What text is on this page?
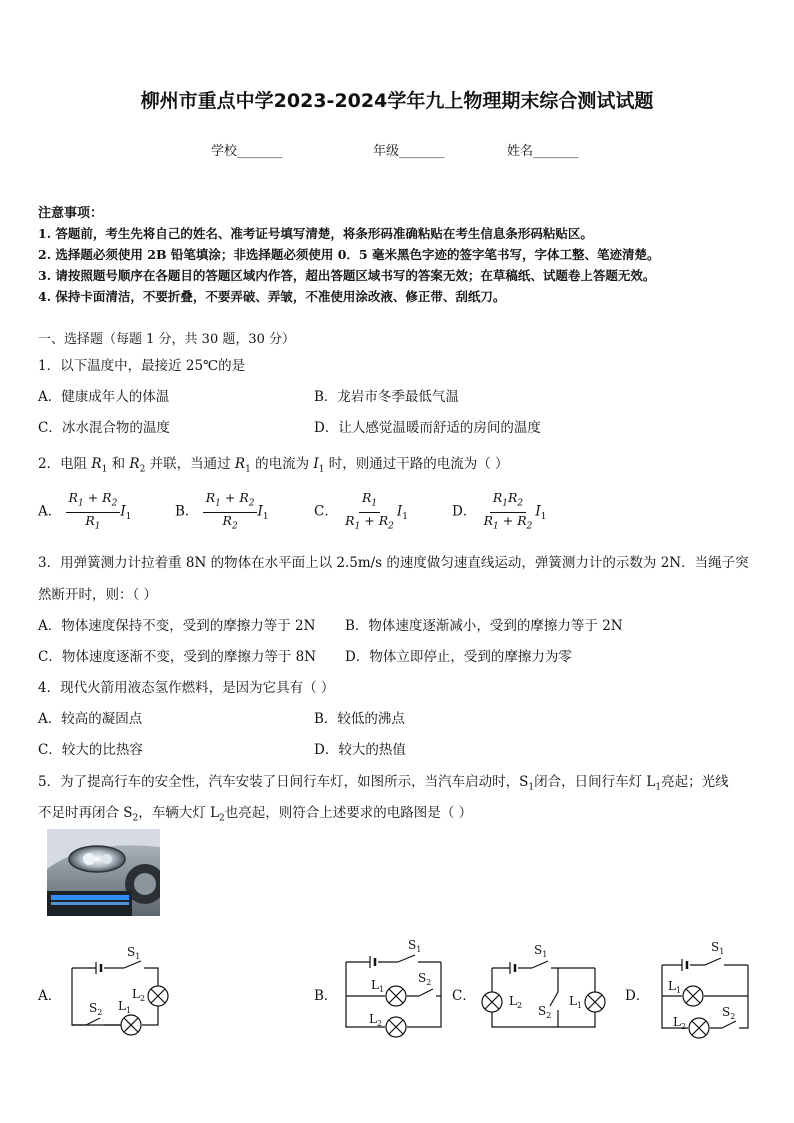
柳州市重点中学2023-2024学年九上物理期末综合测试试题
学校_______	年级_______	姓名_______
注意事项：
1. 答题前，考生先将自己的姓名、准考证号填写清楚，将条形码准确粘贴在考生信息条形码粘贴区。
2. 选择题必须使用 2B 铅笔填涂；非选择题必须使用 0．5 毫米黑色字迹的签字笔书写，字体工整、笔迹清楚。
3. 请按照题号顺序在各题目的答题区域内作答，超出答题区域书写的答案无效；在草稿纸、试题卷上答题无效。
4. 保持卡面清洁，不要折叠，不要弄破、弄皱，不准使用涂改液、修正带、刮纸刀。
一、选择题（每题 1 分，共 30 题，30 分）
1．以下温度中，最接近 25℃的是
A．健康成年人的体温	B．龙岩市冬季最低气温
C．冰水混合物的温度	D．让人感觉温暖而舒适的房间的温度
2．电阻 $R_1$ 和 $R_2$ 并联，当通过 $R_1$ 的电流为 $I_1$ 时，则通过干路的电流为（ ）
A． $\frac{R_1 + R_2}{R_1} I_1$	B． $\frac{R_1 + R_2}{R_2} I_1$	C． $\frac{R_1}{R_1 + R_2} I_1$	D． $\frac{R_1R_2}{R_1 + R_2} I_1$
3．用弹簧测力计拉着重 8N 的物体在水平面上以 2.5m/s 的速度做匀速直线运动，弹簧测力计的示数为 2N．当绳子突
然断开时，则：（ ）
A．物体速度保持不变，受到的摩擦力等于 2N B．物体速度逐渐减小，受到的摩擦力等于 2N
C．物体速度逐渐不变，受到的摩擦力等于 8N D．物体立即停止，受到的摩擦力为零
4．现代火箭用液态氢作燃料，是因为它具有（ ）
A．较高的凝固点	B．较低的沸点
C．较大的比热容	D．较大的热值
5．为了提高行车的安全性，汽车安装了日间行车灯，如图所示，当汽车启动时，$S_1$闭合，日间行车灯 $L_1$亮起；光线
不足时再闭合 $S_2$，车辆大灯 $L_2$也亮起，则符合上述要求的电路图是（ ）
A．	B．	C．	D．
$S_1$
$L_2$
$L_1$
$S_2$
$S_1$
$L_1$
$S_2$
$L_2$
$S_1$
$L_2$ $S_2$
$L_1$
$S_1$
$L_1$
$L_2$
$S_2$
